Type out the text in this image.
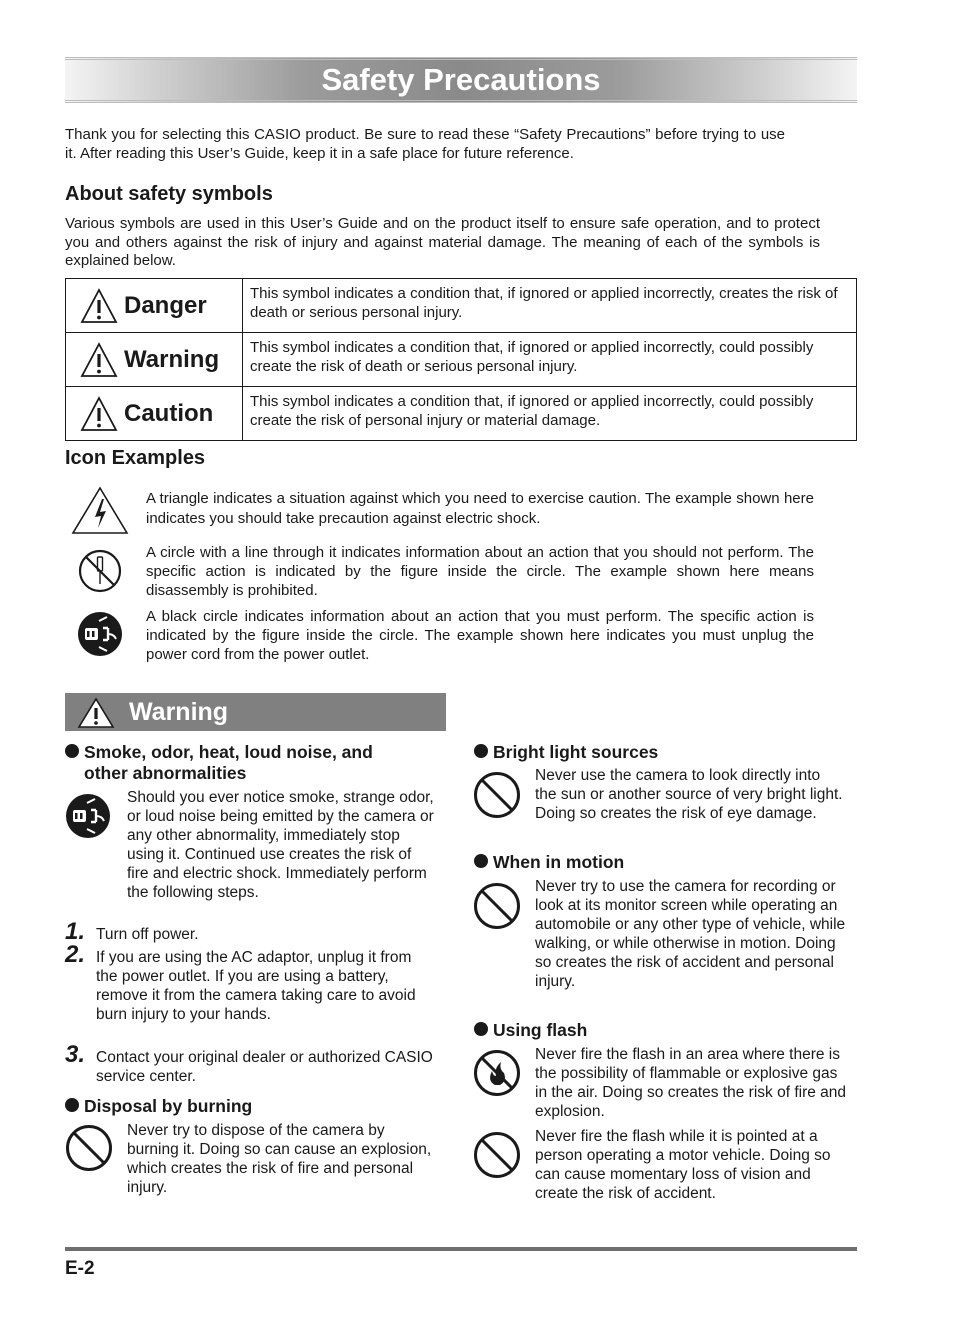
Safety Precautions
Thank you for selecting this CASIO product. Be sure to read these “Safety Precautions” before trying to use it. After reading this User’s Guide, keep it in a safe place for future reference.
About safety symbols
Various symbols are used in this User’s Guide and on the product itself to ensure safe operation, and to protect you and others against the risk of injury and against material damage. The meaning of each of the symbols is explained below.
Danger	This symbol indicates a condition that, if ignored or applied incorrectly, creates the risk of death or serious personal injury.

Warning	This symbol indicates a condition that, if ignored or applied incorrectly, could possibly create the risk of death or serious personal injury.

Caution	This symbol indicates a condition that, if ignored or applied incorrectly, could possibly create the risk of personal injury or material damage.
Icon Examples
A triangle indicates a situation against which you need to exercise caution. The example shown here indicates you should take precaution against electric shock.
A circle with a line through it indicates information about an action that you should not perform. The specific action is indicated by the figure inside the circle. The example shown here means disassembly is prohibited.
A black circle indicates information about an action that you must perform. The specific action is indicated by the figure inside the circle. The example shown here indicates you must unplug the power cord from the power outlet.
Warning
Smoke, odor, heat, loud noise, and
other abnormalities
Should you ever notice smoke, strange odor, or loud noise being emitted by the camera or any other abnormality, immediately stop using it. Continued use creates the risk of fire and electric shock. Immediately perform the following steps.
1. Turn off power.
2. If you are using the AC adaptor, unplug it from the power outlet. If you are using a battery, remove it from the camera taking care to avoid burn injury to your hands.
3. Contact your original dealer or authorized CASIO service center.
Disposal by burning
Never try to dispose of the camera by burning it. Doing so can cause an explosion, which creates the risk of fire and personal injury.
Bright light sources
Never use the camera to look directly into the sun or another source of very bright light. Doing so creates the risk of eye damage.
When in motion
Never try to use the camera for recording or look at its monitor screen while operating an automobile or any other type of vehicle, while walking, or while otherwise in motion. Doing so creates the risk of accident and personal injury.
Using flash
Never fire the flash in an area where there is the possibility of flammable or explosive gas in the air. Doing so creates the risk of fire and explosion.
Never fire the flash while it is pointed at a person operating a motor vehicle. Doing so can cause momentary loss of vision and create the risk of accident.
E-2
